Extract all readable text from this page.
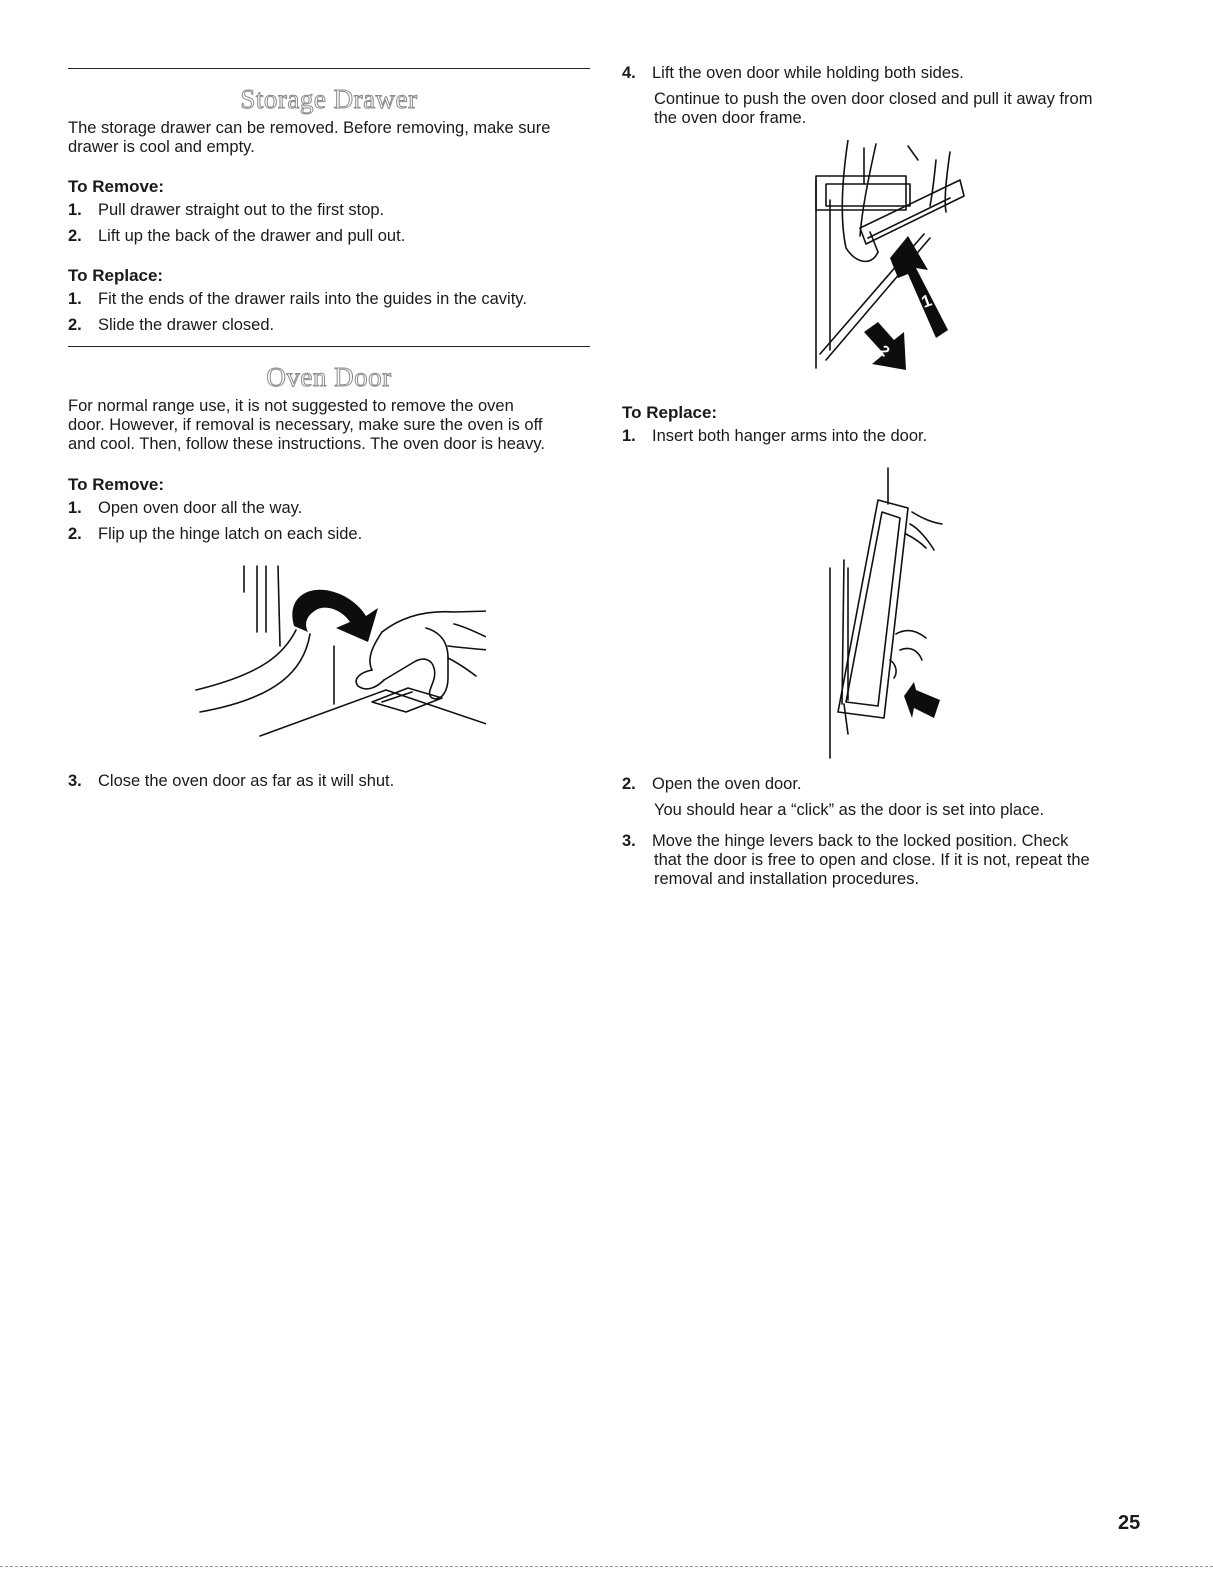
Storage Drawer
The storage drawer can be removed. Before removing, make sure
drawer is cool and empty.
To Remove:
1. Pull drawer straight out to the first stop.
2. Lift up the back of the drawer and pull out.
To Replace:
1. Fit the ends of the drawer rails into the guides in the cavity.
2. Slide the drawer closed.
Oven Door
For normal range use, it is not suggested to remove the oven
door. However, if removal is necessary, make sure the oven is off
and cool. Then, follow these instructions. The oven door is heavy.
To Remove:
1. Open oven door all the way.
2. Flip up the hinge latch on each side.
3. Close the oven door as far as it will shut.
4. Lift the oven door while holding both sides.
Continue to push the oven door closed and pull it away from
the oven door frame.
1
2
To Replace:
1. Insert both hanger arms into the door.
2. Open the oven door.
You should hear a “click” as the door is set into place.
3. Move the hinge levers back to the locked position. Check
that the door is free to open and close. If it is not, repeat the
removal and installation procedures.
25
